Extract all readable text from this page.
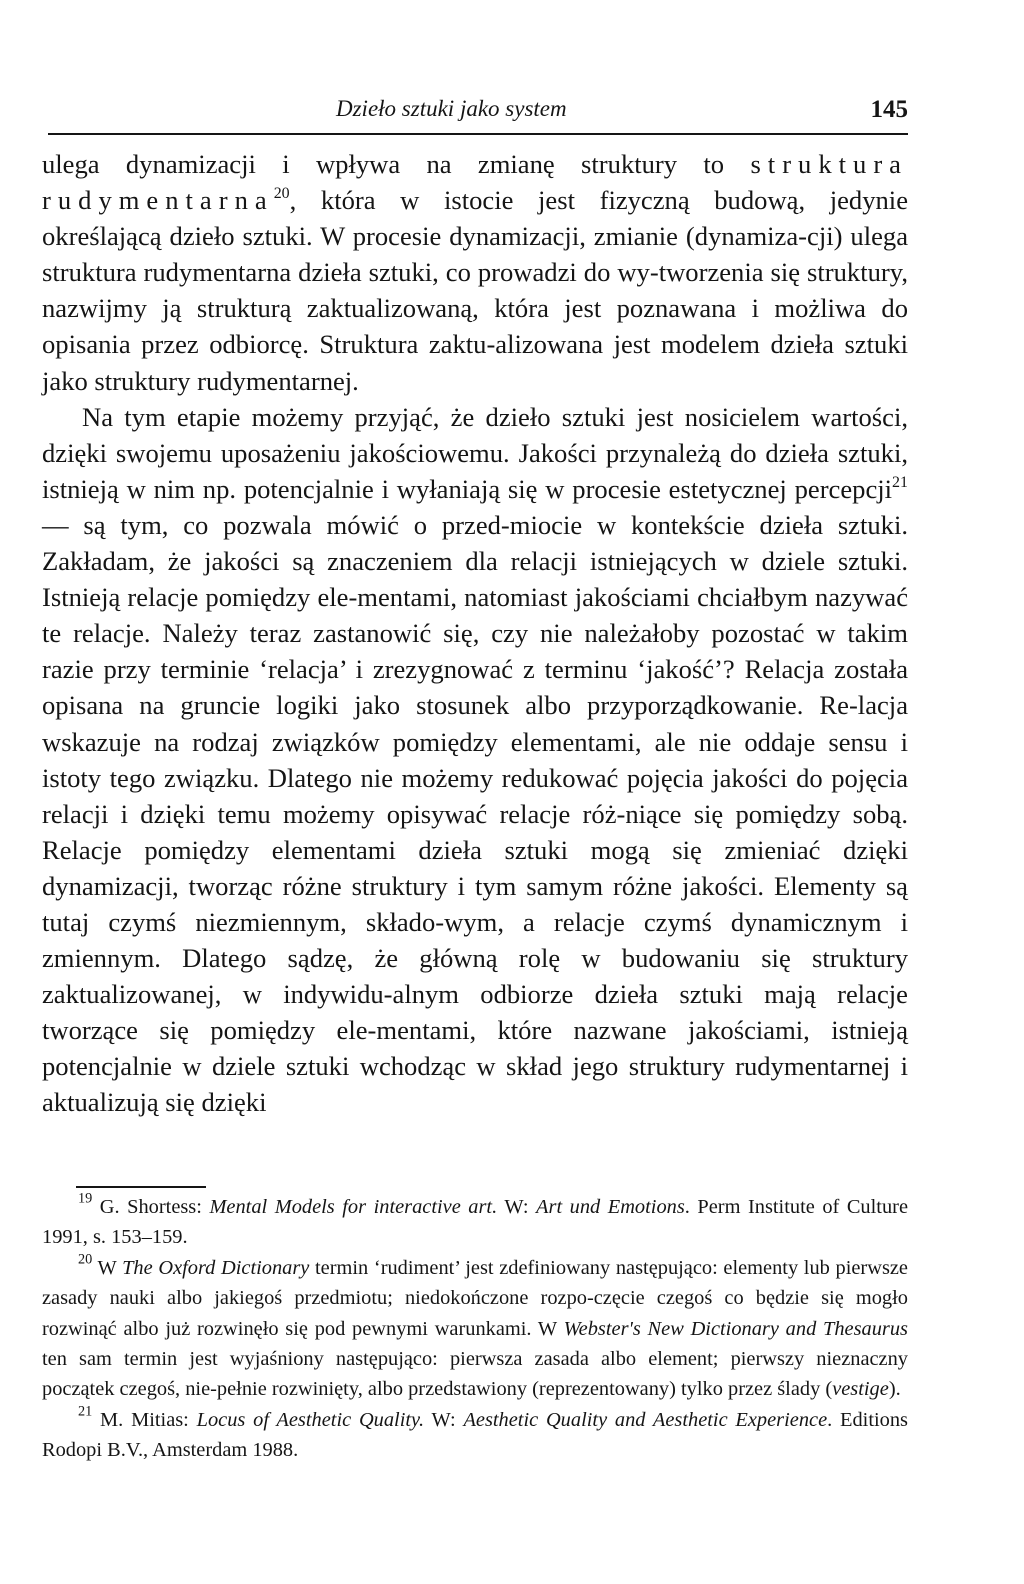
Dzieło sztuki jako system	145

ulega dynamizacji i wpływa na zmianę struktury to struktura rudymentarna$^{20}$, która w istocie jest fizyczną budową, jedynie określającą dzieło sztuki. W procesie dynamizacji, zmianie (dynamiza-cji) ulega struktura rudymentarna dzieła sztuki, co prowadzi do wy-tworzenia się struktury, nazwijmy ją strukturą zaktualizowaną, która jest poznawana i możliwa do opisania przez odbiorcę. Struktura zaktu-alizowana jest modelem dzieła sztuki jako struktury rudymentarnej.

Na tym etapie możemy przyjąć, że dzieło sztuki jest nosicielem wartości, dzięki swojemu uposażeniu jakościowemu. Jakości przynależą do dzieła sztuki, istnieją w nim np. potencjalnie i wyłaniają się w procesie estetycznej percepcji$^{21}$ — są tym, co pozwala mówić o przed-miocie w kontekście dzieła sztuki. Zakładam, że jakości są znaczeniem dla relacji istniejących w dziele sztuki. Istnieją relacje pomiędzy ele-mentami, natomiast jakościami chciałbym nazywać te relacje. Należy teraz zastanowić się, czy nie należałoby pozostać w takim razie przy terminie ‘relacja’ i zrezygnować z terminu ‘jakość’? Relacja została opisana na gruncie logiki jako stosunek albo przyporządkowanie. Re-lacja wskazuje na rodzaj związków pomiędzy elementami, ale nie oddaje sensu i istoty tego związku. Dlatego nie możemy redukować pojęcia jakości do pojęcia relacji i dzięki temu możemy opisywać relacje róż-niące się pomiędzy sobą. Relacje pomiędzy elementami dzieła sztuki mogą się zmieniać dzięki dynamizacji, tworząc różne struktury i tym samym różne jakości. Elementy są tutaj czymś niezmiennym, składo-wym, a relacje czymś dynamicznym i zmiennym. Dlatego sądzę, że główną rolę w budowaniu się struktury zaktualizowanej, w indywidu-alnym odbiorze dzieła sztuki mają relacje tworzące się pomiędzy ele-mentami, które nazwane jakościami, istnieją potencjalnie w dziele sztuki wchodząc w skład jego struktury rudymentarnej i aktualizują się dzięki

$^{19}$ G. Shortess: Mental Models for interactive art. W: Art und Emotions. Perm Institute of Culture 1991, s. 153–159.

$^{20}$ W The Oxford Dictionary termin ‘rudiment’ jest zdefiniowany następująco: elementy lub pierwsze zasady nauki albo jakiegoś przedmiotu; niedokończone rozpo-częcie czegoś co będzie się mogło rozwinąć albo już rozwinęło się pod pewnymi warunkami. W Webster's New Dictionary and Thesaurus ten sam termin jest wyjaśniony następująco: pierwsza zasada albo element; pierwszy nieznaczny początek czegoś, nie-pełnie rozwinięty, albo przedstawiony (reprezentowany) tylko przez ślady (vestige).

$^{21}$ M. Mitias: Locus of Aesthetic Quality. W: Aesthetic Quality and Aesthetic Experience. Editions Rodopi B.V., Amsterdam 1988.
